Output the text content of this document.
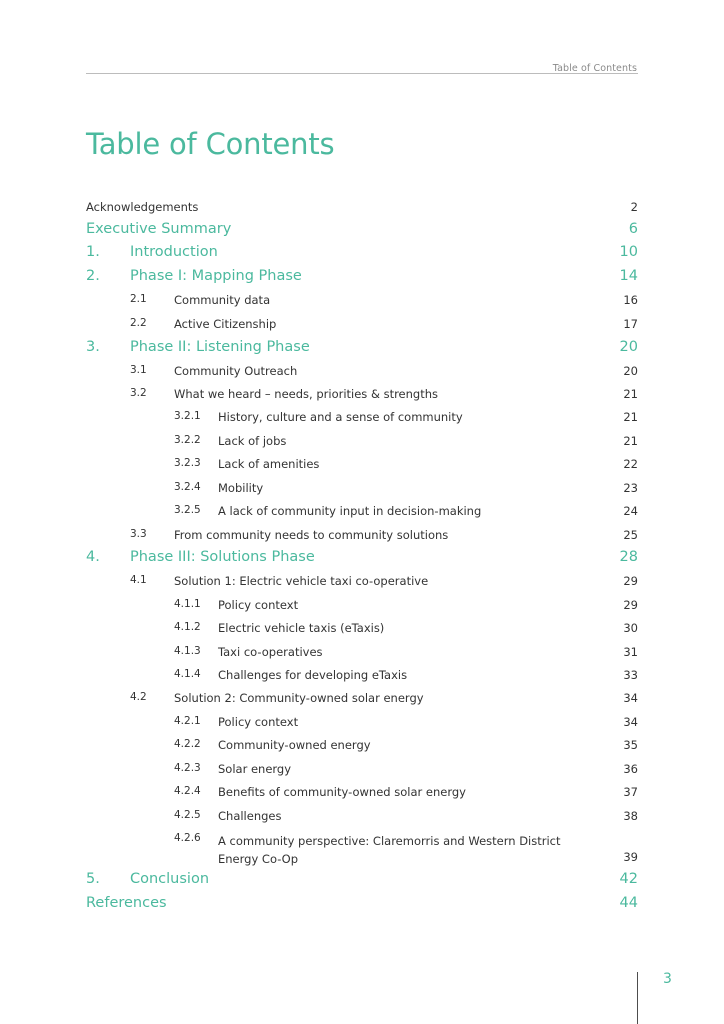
Table of Contents
Table of Contents
Acknowledgements	2
Executive Summary	6
1. Introduction	10
2. Phase I: Mapping Phase	14
2.1 Community data	16
2.2 Active Citizenship	17
3. Phase II: Listening Phase	20
3.1 Community Outreach	20
3.2 What we heard – needs, priorities & strengths	21
3.2.1 History, culture and a sense of community	21
3.2.2 Lack of jobs	21
3.2.3 Lack of amenities	22
3.2.4 Mobility	23
3.2.5 A lack of community input in decision-making	24
3.3 From community needs to community solutions	25
4. Phase III: Solutions Phase	28
4.1 Solution 1: Electric vehicle taxi co-operative	29
4.1.1 Policy context	29
4.1.2 Electric vehicle taxis (eTaxis)	30
4.1.3 Taxi co-operatives	31
4.1.4 Challenges for developing eTaxis	33
4.2 Solution 2: Community-owned solar energy	34
4.2.1 Policy context	34
4.2.2 Community-owned energy	35
4.2.3 Solar energy	36
4.2.4 Benefits of community-owned solar energy	37
4.2.5 Challenges	38
4.2.6 A community perspective: Claremorris and Western District
Energy Co-Op	39
5. Conclusion	42
References	44
3
